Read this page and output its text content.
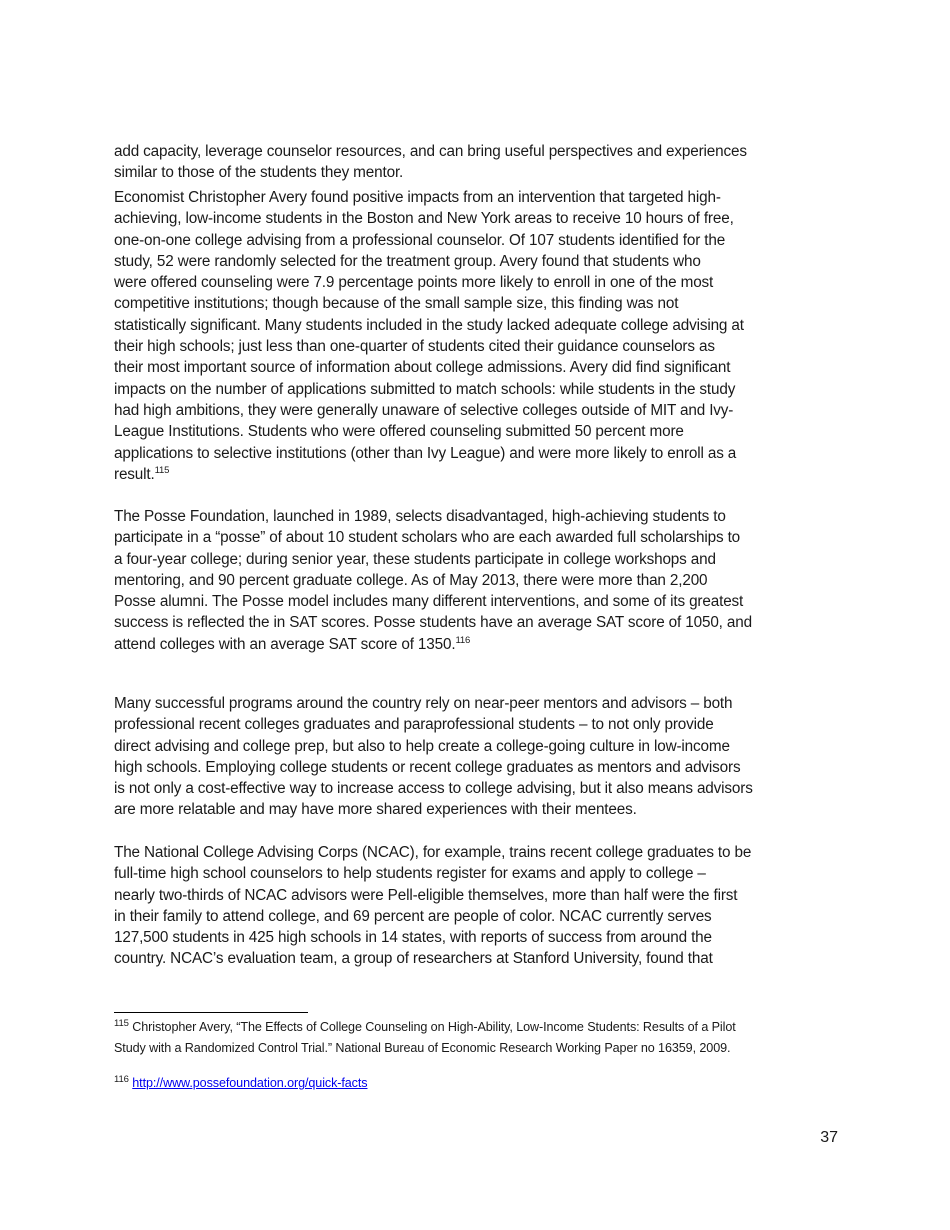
add capacity, leverage counselor resources, and can bring useful perspectives and experiences
similar to those of the students they mentor.
Economist Christopher Avery found positive impacts from an intervention that targeted high-
achieving, low-income students in the Boston and New York areas to receive 10 hours of free,
one-on-one college advising from a professional counselor. Of 107 students identified for the
study, 52 were randomly selected for the treatment group. Avery found that students who
were offered counseling were 7.9 percentage points more likely to enroll in one of the most
competitive institutions; though because of the small sample size, this finding was not
statistically significant. Many students included in the study lacked adequate college advising at
their high schools; just less than one-quarter of students cited their guidance counselors as
their most important source of information about college admissions. Avery did find significant
impacts on the number of applications submitted to match schools: while students in the study
had high ambitions, they were generally unaware of selective colleges outside of MIT and Ivy-
League Institutions. Students who were offered counseling submitted 50 percent more
applications to selective institutions (other than Ivy League) and were more likely to enroll as a
result.$^{115}$
The Posse Foundation, launched in 1989, selects disadvantaged, high-achieving students to
participate in a “posse” of about 10 student scholars who are each awarded full scholarships to
a four-year college; during senior year, these students participate in college workshops and
mentoring, and 90 percent graduate college. As of May 2013, there were more than 2,200
Posse alumni. The Posse model includes many different interventions, and some of its greatest
success is reflected the in SAT scores. Posse students have an average SAT score of 1050, and
attend colleges with an average SAT score of 1350.$^{116}$
Many successful programs around the country rely on near-peer mentors and advisors – both
professional recent colleges graduates and paraprofessional students – to not only provide
direct advising and college prep, but also to help create a college-going culture in low-income
high schools. Employing college students or recent college graduates as mentors and advisors
is not only a cost-effective way to increase access to college advising, but it also means advisors
are more relatable and may have more shared experiences with their mentees.
The National College Advising Corps (NCAC), for example, trains recent college graduates to be
full-time high school counselors to help students register for exams and apply to college –
nearly two-thirds of NCAC advisors were Pell-eligible themselves, more than half were the first
in their family to attend college, and 69 percent are people of color. NCAC currently serves
127,500 students in 425 high schools in 14 states, with reports of success from around the
country. NCAC’s evaluation team, a group of researchers at Stanford University, found that
$^{115}$ Christopher Avery, “The Effects of College Counseling on High-Ability, Low-Income Students: Results of a Pilot
Study with a Randomized Control Trial.” National Bureau of Economic Research Working Paper no 16359, 2009.
$^{116}$ http://www.possefoundation.org/quick-facts
37
